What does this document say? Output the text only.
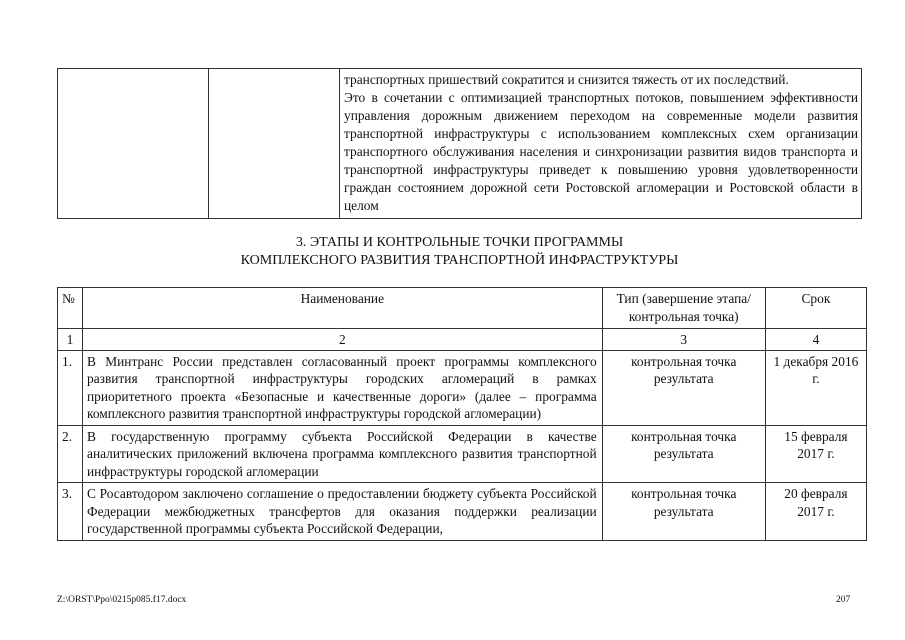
транспортных пришествий сократится и снизится тяжесть от их последствий.

Это в сочетании с оптимизацией транспортных потоков, повышением эффективности управления дорожным движением переходом на современные модели развития транспортной инфраструктуры с использованием комплексных схем организации транспортного обслуживания населения и синхронизации развития видов транспорта и транспортной инфраструктуры приведет к повышению уровня удовлетворенности граждан состоянием дорожной сети Ростовской агломерации и Ростовской области в целом

3. ЭТАПЫ И КОНТРОЛЬНЫЕ ТОЧКИ ПРОГРАММЫ
КОМПЛЕКСНОГО РАЗВИТИЯ ТРАНСПОРТНОЙ ИНФРАСТРУКТУРЫ
№	Наименование	Тип (завершение этапа/контрольная точка)	Срок
1	2	3	4
1.	В Минтранс России представлен согласованный проект программы комплексного развития транспортной инфраструктуры городских агломераций в рамках приоритетного проекта «Безопасные и качественные дороги» (далее – программа комплексного развития транспортной инфраструктуры городской агломерации)	контрольная точка результата	1 декабря 2016 г.
2.	В государственную программу субъекта Российской Федерации в качестве аналитических приложений включена программа комплексного развития транспортной инфраструктуры городской агломерации	контрольная точка результата	15 февраля 2017 г.
3.	С Росавтодором заключено соглашение о предоставлении бюджету субъекта Российской Федерации межбюджетных трансфертов для оказания поддержки реализации государственной программы субъекта Российской Федерации,	контрольная точка результата	20 февраля 2017 г.
Z:\ORST\Ppo\0215p085.f17.docx	207
